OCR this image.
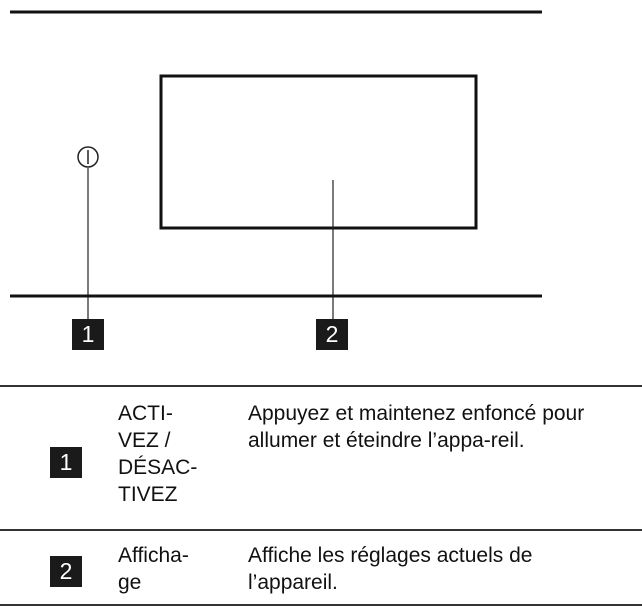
1	2
1
ACTI-
VEZ /
DÉSAC-
TIVEZ
Appuyez et maintenez enfoncé pour allumer et éteindre l’appa-reil.
2
Afficha-
ge
Affiche les réglages actuels de l’appareil.
